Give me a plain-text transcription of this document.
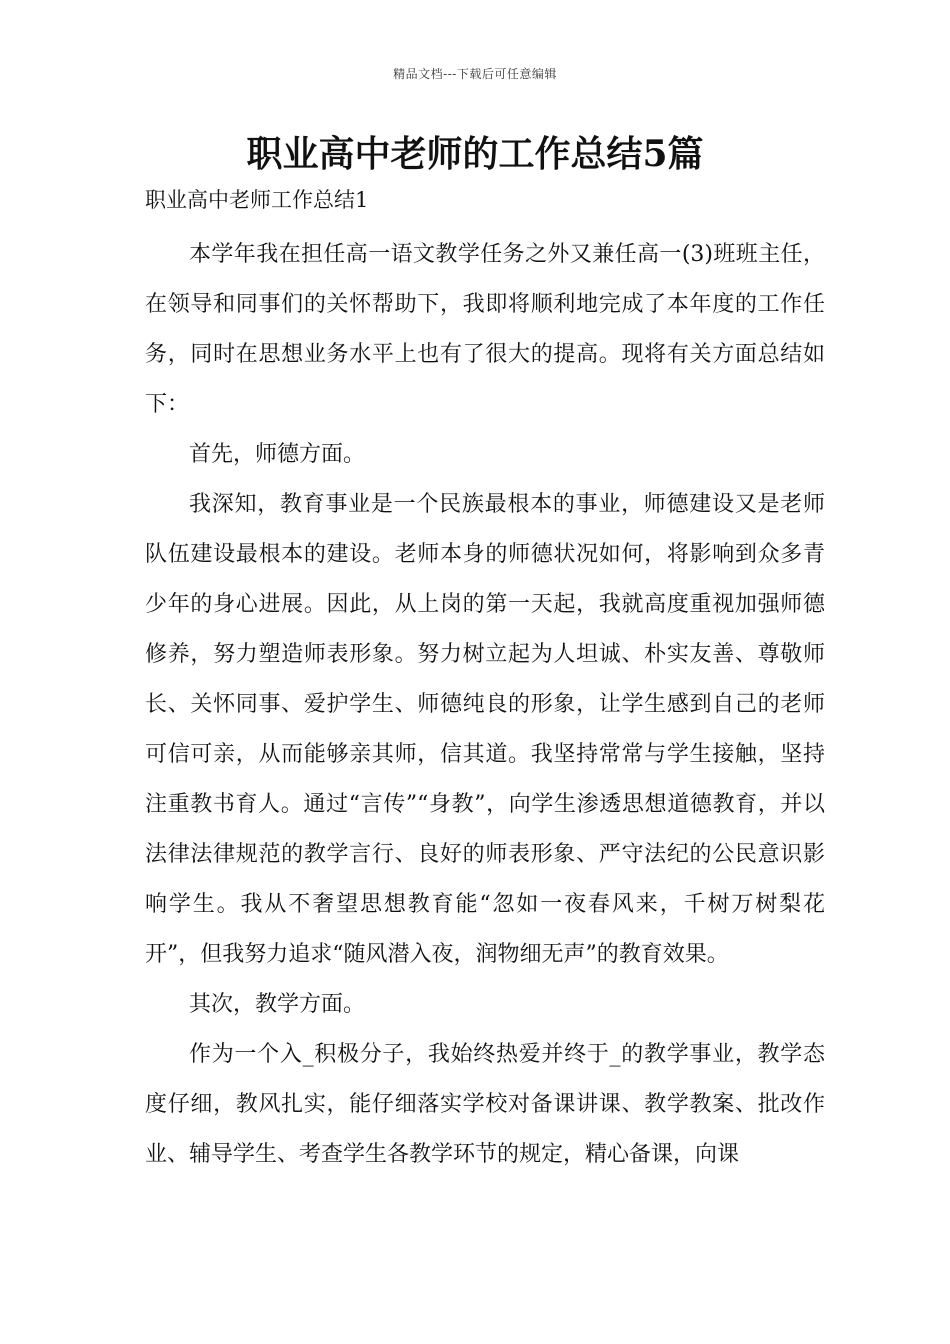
精品文档---下载后可任意编辑
职业高中老师的工作总结5篇
职业高中老师工作总结1

本学年我在担任高一语文教学任务之外又兼任高一(3)班班主任，在领导和同事们的关怀帮助下，我即将顺利地完成了本年度的工作任务，同时在思想业务水平上也有了很大的提高。现将有关方面总结如下：

首先，师德方面。

我深知，教育事业是一个民族最根本的事业，师德建设又是老师队伍建设最根本的建设。老师本身的师德状况如何，将影响到众多青少年的身心进展。因此，从上岗的第一天起，我就高度重视加强师德修养，努力塑造师表形象。努力树立起为人坦诚、朴实友善、尊敬师长、关怀同事、爱护学生、师德纯良的形象，让学生感到自己的老师可信可亲，从而能够亲其师，信其道。我坚持常常与学生接触，坚持注重教书育人。通过“言传”“身教”，向学生渗透思想道德教育，并以法律法律规范的教学言行、良好的师表形象、严守法纪的公民意识影响学生。我从不奢望思想教育能“忽如一夜春风来，千树万树梨花开”，但我努力追求“随风潜入夜，润物细无声”的教育效果。

其次，教学方面。

作为一个入_积极分子，我始终热爱并终于_的教学事业，教学态度仔细，教风扎实，能仔细落实学校对备课讲课、教学教案、批改作业、辅导学生、考查学生各教学环节的规定，精心备课，向课
